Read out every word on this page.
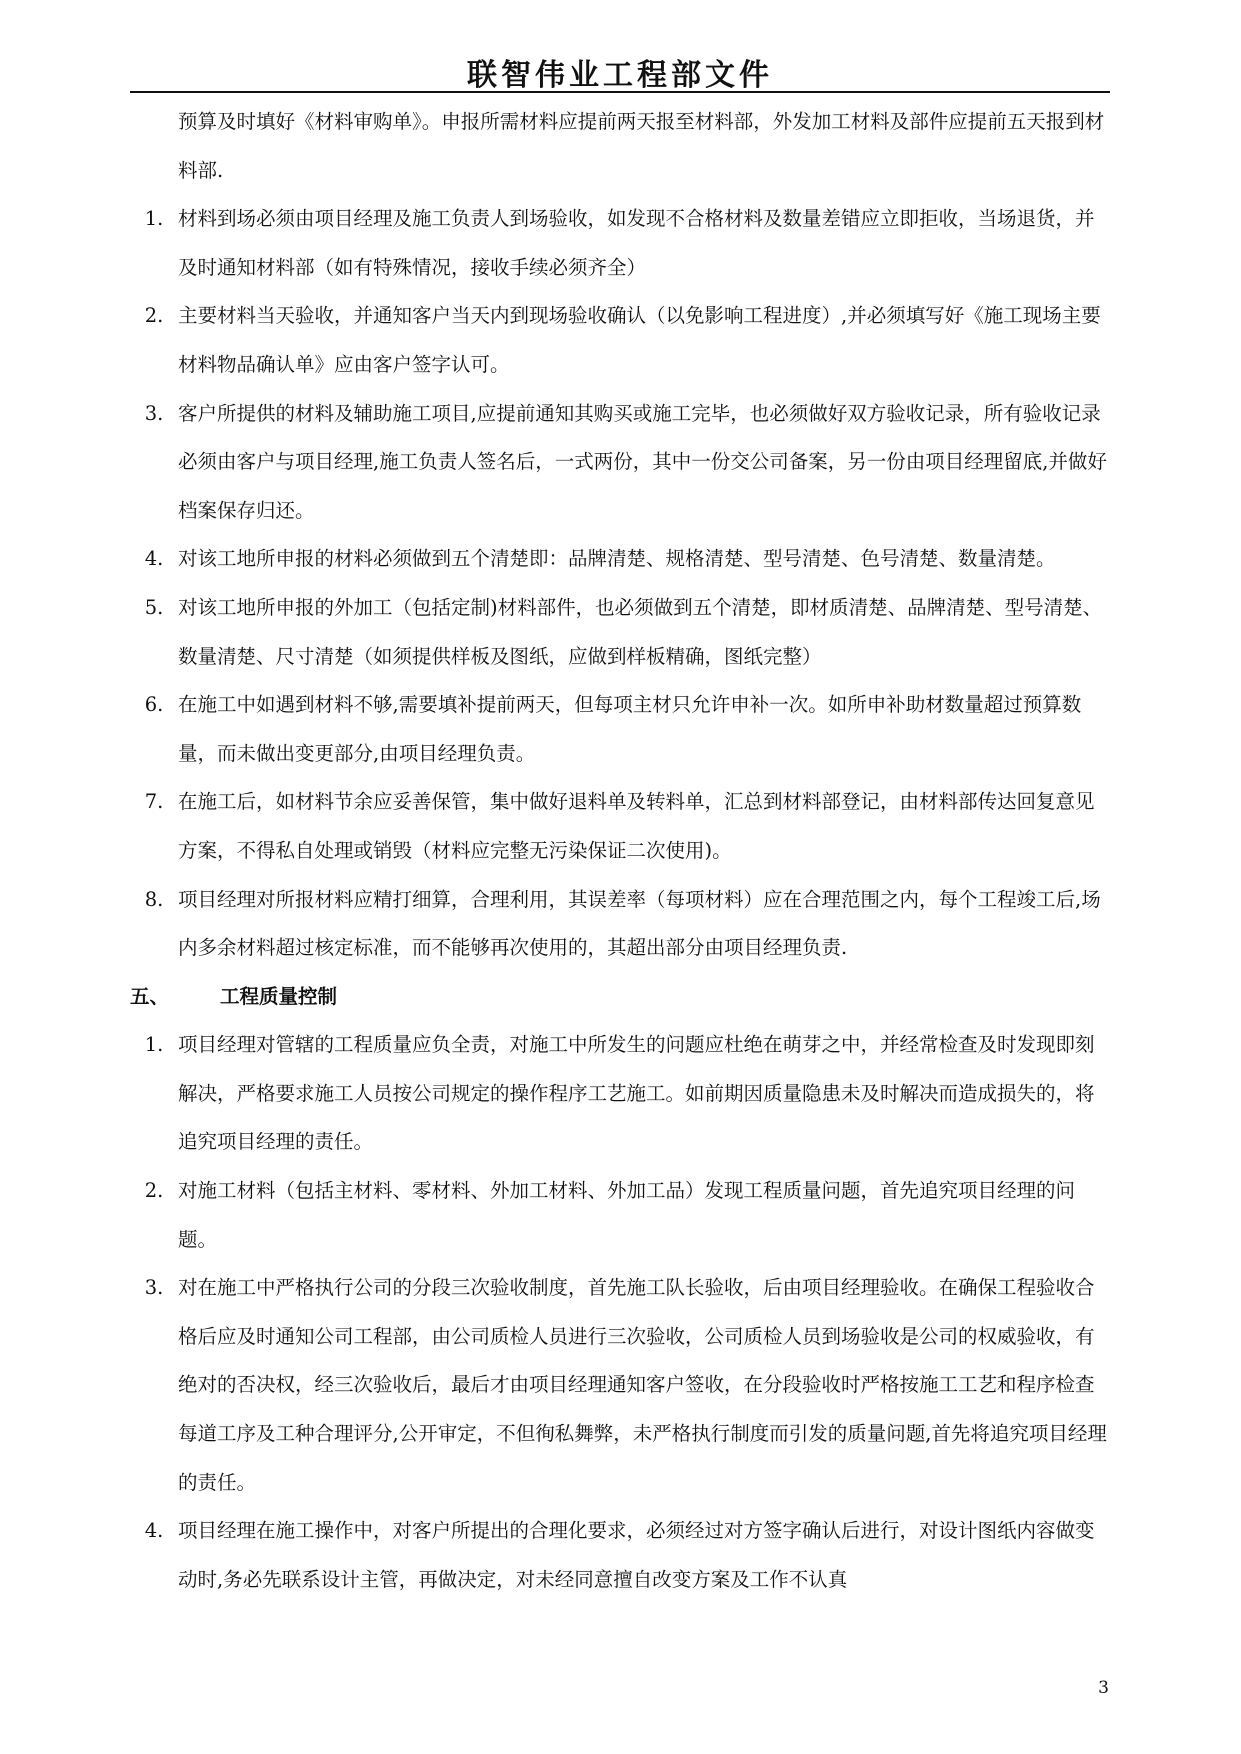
联智伟业工程部文件
预算及时填好《材料审购单》。申报所需材料应提前两天报至材料部，外发加工材料及部件应提前五天报到材料部.
1. 材料到场必须由项目经理及施工负责人到场验收，如发现不合格材料及数量差错应立即拒收，当场退货，并及时通知材料部（如有特殊情况，接收手续必须齐全）
2. 主要材料当天验收，并通知客户当天内到现场验收确认（以免影响工程进度）,并必须填写好《施工现场主要材料物品确认单》应由客户签字认可。
3. 客户所提供的材料及辅助施工项目,应提前通知其购买或施工完毕，也必须做好双方验收记录，所有验收记录必须由客户与项目经理,施工负责人签名后，一式两份，其中一份交公司备案，另一份由项目经理留底,并做好档案保存归还。
4. 对该工地所申报的材料必须做到五个清楚即：品牌清楚、规格清楚、型号清楚、色号清楚、数量清楚。
5. 对该工地所申报的外加工（包括定制)材料部件，也必须做到五个清楚，即材质清楚、品牌清楚、型号清楚、数量清楚、尺寸清楚（如须提供样板及图纸，应做到样板精确，图纸完整）
6. 在施工中如遇到材料不够,需要填补提前两天，但每项主材只允许申补一次。如所申补助材数量超过预算数量，而未做出变更部分,由项目经理负责。
7. 在施工后，如材料节余应妥善保管，集中做好退料单及转料单，汇总到材料部登记，由材料部传达回复意见方案，不得私自处理或销毁（材料应完整无污染保证二次使用)。
8. 项目经理对所报材料应精打细算，合理利用，其误差率（每项材料）应在合理范围之内，每个工程竣工后,场内多余材料超过核定标准，而不能够再次使用的，其超出部分由项目经理负责.
五、	工程质量控制
1. 项目经理对管辖的工程质量应负全责，对施工中所发生的问题应杜绝在萌芽之中，并经常检查及时发现即刻解决，严格要求施工人员按公司规定的操作程序工艺施工。如前期因质量隐患未及时解决而造成损失的，将追究项目经理的责任。
2. 对施工材料（包括主材料、零材料、外加工材料、外加工品）发现工程质量问题，首先追究项目经理的问题。
3. 对在施工中严格执行公司的分段三次验收制度，首先施工队长验收，后由项目经理验收。在确保工程验收合格后应及时通知公司工程部，由公司质检人员进行三次验收，公司质检人员到场验收是公司的权威验收，有绝对的否决权，经三次验收后，最后才由项目经理通知客户签收，在分段验收时严格按施工工艺和程序检查每道工序及工种合理评分,公开审定，不但徇私舞弊，未严格执行制度而引发的质量问题,首先将追究项目经理的责任。
4. 项目经理在施工操作中，对客户所提出的合理化要求，必须经过对方签字确认后进行，对设计图纸内容做变动时,务必先联系设计主管，再做决定，对未经同意擅自改变方案及工作不认真
3
